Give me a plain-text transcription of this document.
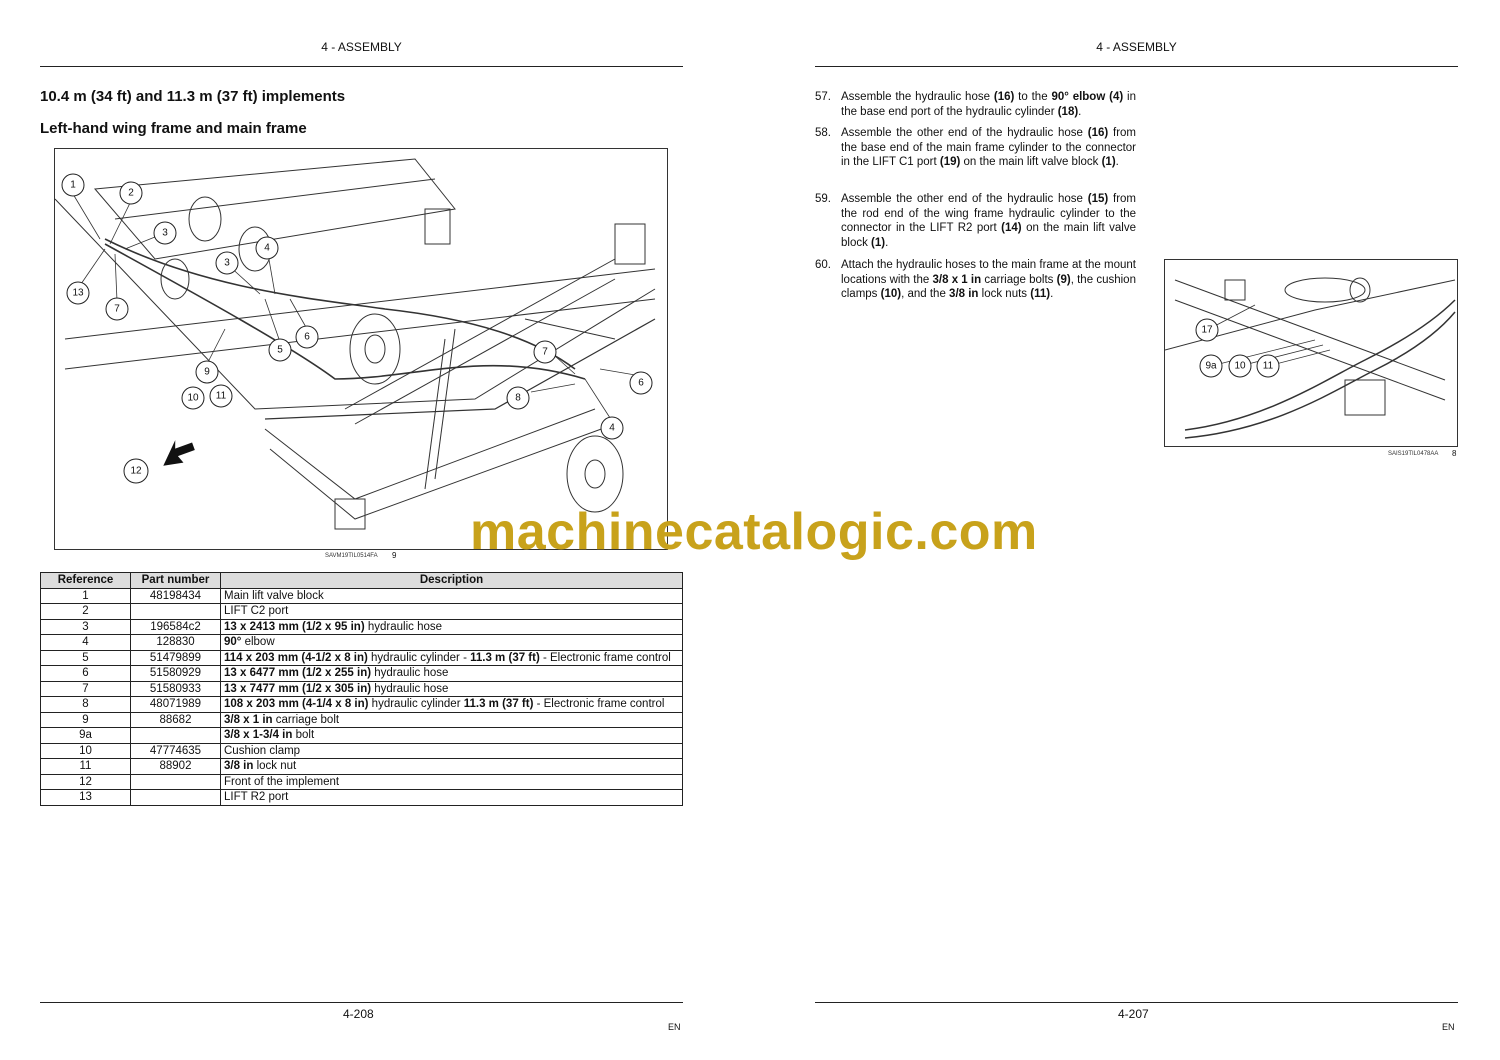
4 - ASSEMBLY
10.4 m (34 ft) and 11.3 m (37 ft) implements
Left-hand wing frame and main frame
1
2
3
4
3
13
7
5
6
9
10 11
7
8
6
4
12
SAVM19TIL0514FA 9
Reference	Part number	Description
1	48198434	Main lift valve block
2		LIFT C2 port
3	196584c2	13 x 2413 mm (1/2 x 95 in) hydraulic hose
4	128830	90° elbow
5	51479899	114 x 203 mm (4-1/2 x 8 in) hydraulic cylinder - 11.3 m (37 ft) - Electronic frame control
6	51580929	13 x 6477 mm (1/2 x 255 in) hydraulic hose
7	51580933	13 x 7477 mm (1/2 x 305 in) hydraulic hose
8	48071989	108 x 203 mm (4-1/4 x 8 in) hydraulic cylinder 11.3 m (37 ft) - Electronic frame control
9	88682	3/8 x 1 in carriage bolt
9a		3/8 x 1-3/4 in bolt
10	47774635	Cushion clamp
11	88902	3/8 in lock nut
12		Front of the implement
13		LIFT R2 port
4-208
EN
4 - ASSEMBLY
57. Assemble the hydraulic hose (16) to the 90° elbow (4) in the base end port of the hydraulic cylinder (18).
58. Assemble the other end of the hydraulic hose (16) from the base end of the main frame cylinder to the connector in the LIFT C1 port (19) on the main lift valve block (1).
59. Assemble the other end of the hydraulic hose (15) from the rod end of the wing frame hydraulic cylinder to the connector in the LIFT R2 port (14) on the main lift valve block (1).
60. Attach the hydraulic hoses to the main frame at the mount locations with the 3/8 x 1 in carriage bolts (9), the cushion clamps (10), and the 3/8 in lock nuts (11).
17
9a 10 11
SAIS19TIL0478AA 8
4-207
EN
machinecatalogic.com
